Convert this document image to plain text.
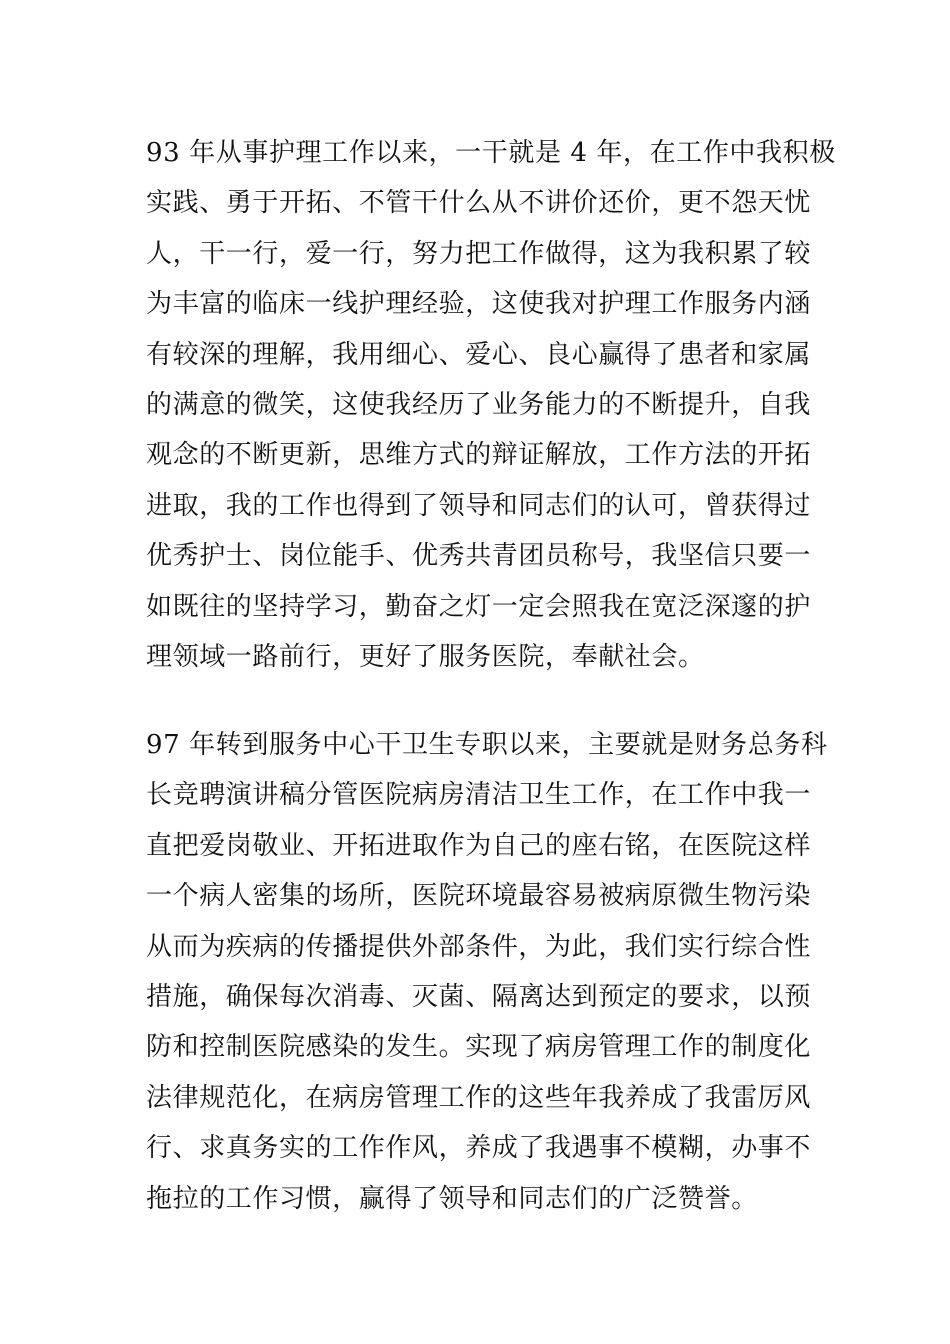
93 年从事护理工作以来，一干就是 4 年，在工作中我积极
实践、勇于开拓、不管干什么从不讲价还价，更不怨天忧
人，干一行，爱一行，努力把工作做得，这为我积累了较
为丰富的临床一线护理经验，这使我对护理工作服务内涵
有较深的理解，我用细心、爱心、良心赢得了患者和家属
的满意的微笑，这使我经历了业务能力的不断提升，自我
观念的不断更新，思维方式的辩证解放，工作方法的开拓
进取，我的工作也得到了领导和同志们的认可，曾获得过
优秀护士、岗位能手、优秀共青团员称号，我坚信只要一
如既往的坚持学习，勤奋之灯一定会照我在宽泛深邃的护
理领域一路前行，更好了服务医院，奉献社会。
97 年转到服务中心干卫生专职以来，主要就是财务总务科
长竞聘演讲稿分管医院病房清洁卫生工作，在工作中我一
直把爱岗敬业、开拓进取作为自己的座右铭，在医院这样
一个病人密集的场所，医院环境最容易被病原微生物污染
从而为疾病的传播提供外部条件，为此，我们实行综合性
措施，确保每次消毒、灭菌、隔离达到预定的要求，以预
防和控制医院感染的发生。实现了病房管理工作的制度化
法律规范化，在病房管理工作的这些年我养成了我雷厉风
行、求真务实的工作作风，养成了我遇事不模糊，办事不
拖拉的工作习惯，赢得了领导和同志们的广泛赞誉。
